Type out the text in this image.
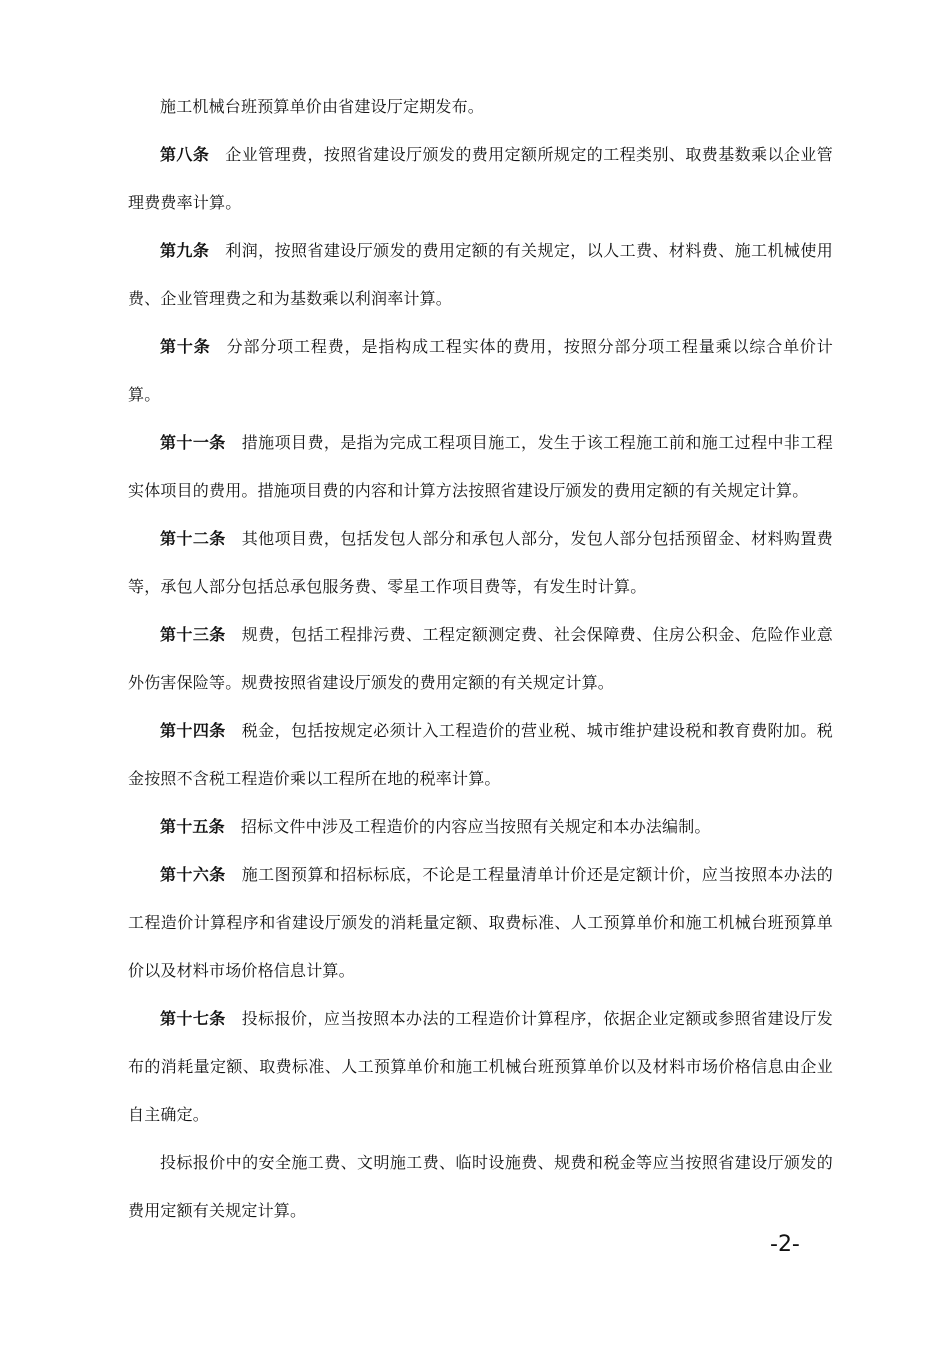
施工机械台班预算单价由省建设厅定期发布。

第八条 企业管理费，按照省建设厅颁发的费用定额所规定的工程类别、取费基数乘以企业管理费费率计算。

第九条 利润，按照省建设厅颁发的费用定额的有关规定，以人工费、材料费、施工机械使用费、企业管理费之和为基数乘以利润率计算。

第十条 分部分项工程费，是指构成工程实体的费用，按照分部分项工程量乘以综合单价计算。

第十一条 措施项目费，是指为完成工程项目施工，发生于该工程施工前和施工过程中非工程实体项目的费用。措施项目费的内容和计算方法按照省建设厅颁发的费用定额的有关规定计算。

第十二条 其他项目费，包括发包人部分和承包人部分，发包人部分包括预留金、材料购置费等，承包人部分包括总承包服务费、零星工作项目费等，有发生时计算。

第十三条 规费，包括工程排污费、工程定额测定费、社会保障费、住房公积金、危险作业意外伤害保险等。规费按照省建设厅颁发的费用定额的有关规定计算。

第十四条 税金，包括按规定必须计入工程造价的营业税、城市维护建设税和教育费附加。税金按照不含税工程造价乘以工程所在地的税率计算。

第十五条 招标文件中涉及工程造价的内容应当按照有关规定和本办法编制。

第十六条 施工图预算和招标标底，不论是工程量清单计价还是定额计价，应当按照本办法的工程造价计算程序和省建设厅颁发的消耗量定额、取费标准、人工预算单价和施工机械台班预算单价以及材料市场价格信息计算。

第十七条 投标报价，应当按照本办法的工程造价计算程序，依据企业定额或参照省建设厅发布的消耗量定额、取费标准、人工预算单价和施工机械台班预算单价以及材料市场价格信息由企业自主确定。

投标报价中的安全施工费、文明施工费、临时设施费、规费和税金等应当按照省建设厅颁发的费用定额有关规定计算。

-2-
